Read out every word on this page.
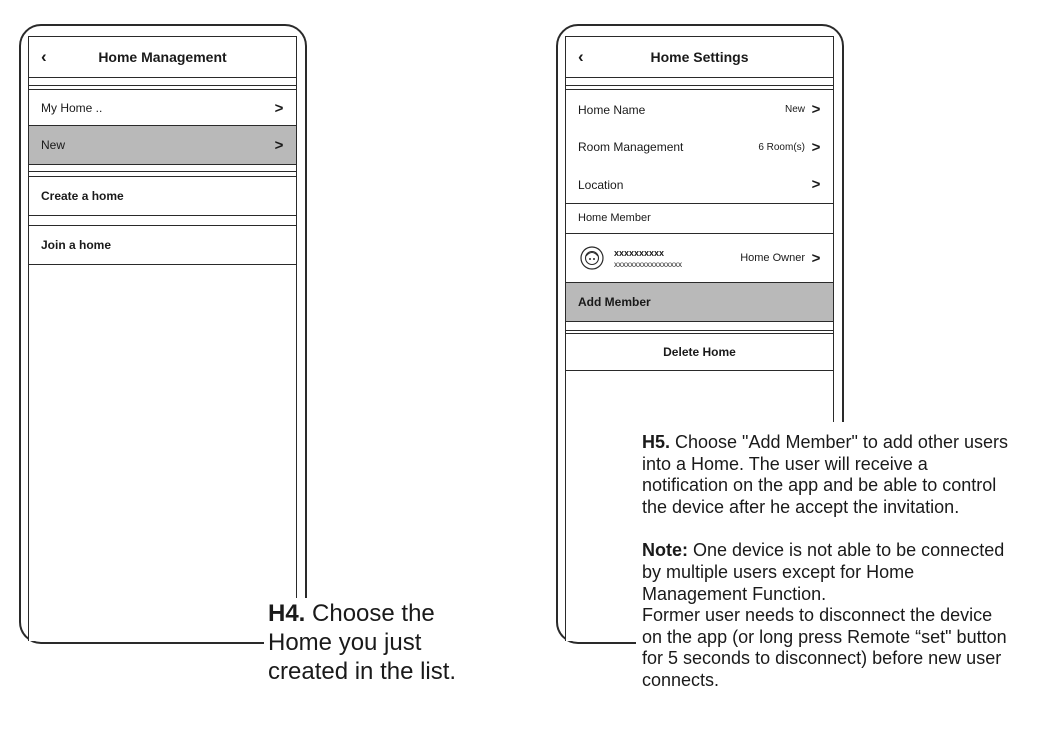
‹	Home Management
My Home ..	>
New	>
Create a home
Join a home
H4. Choose the
Home you just
created in the list.
‹	Home Settings
Home Name	New >
Room Management	6 Room(s) >
Location	>
Home Member
xxxxxxxxxx
xxxxxxxxxxxxxxxxx	Home Owner >
Add Member
Delete Home
H5. Choose "Add Member" to add other users
into a Home. The user will receive a
notification on the app and be able to control
the device after he accept the invitation.
Note: One device is not able to be connected
by multiple users except for Home
Management Function.
Former user needs to disconnect the device
on the app (or long press Remote “set" button
for 5 seconds to disconnect) before new user
connects.
